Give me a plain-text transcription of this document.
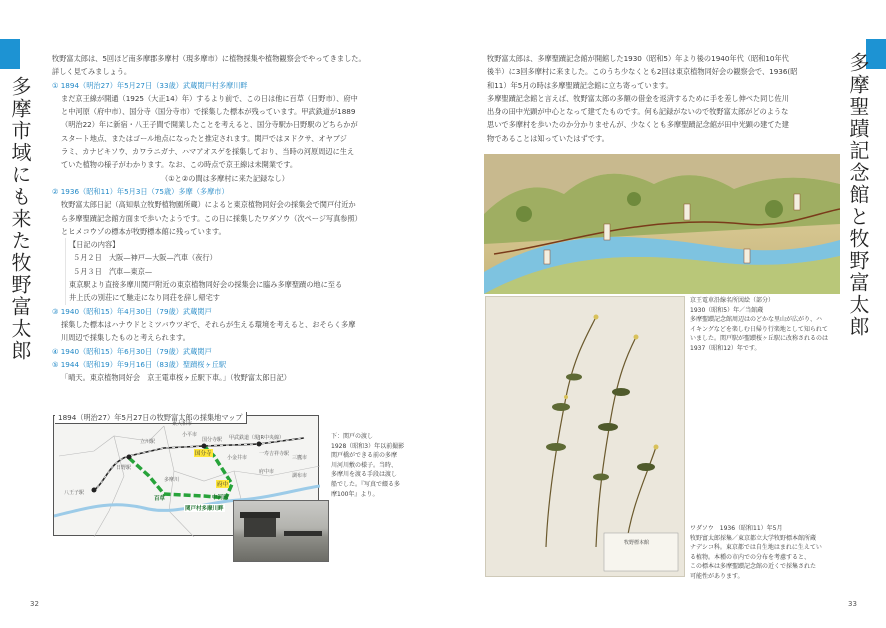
多摩市域にも来た牧野富太郎
牧野富太郎は、5回ほど南多摩郡多摩村（現多摩市）に植物採集や植物観察会でやってきました。
詳しく見てみましょう。
① 1894（明治27）年5月27日（33歳）武蔵関戸村多摩川畔
まだ京王線が開通（1925（大正14）年）するより前で、この日は他に百草（日野市）、府中
と中河原（府中市）、国分寺（国分寺市）で採集した標本が残っています。甲武鉄道が1889
（明治22）年に新宿・八王子間で開業したことを考えると、国分寺駅か日野駅のどちらかが
スタート地点、またはゴール地点になったと推定されます。関戸ではヌドクサ、オヤブジ
ラミ、カナビキソウ、カワラニガナ、ハマアオスゲを採集しており、当時の河原周辺に生え
ていた植物の様子がわかります。なお、この時点で京王線は未開業です。
（①と②の間は多摩村に来た記録なし）
② 1936（昭和11）年5月3日（75歳）多摩（多摩市）
牧野富太郎日記（高知県立牧野植物園所蔵）によると東京植物同好会の採集会で関戸付近か
ら多摩聖蹟記念館方面まで歩いたようです。この日に採集したワダソウ（次ページ写真参照）
とヒメコウゾの標本が牧野標本館に残っています。
【日記の内容】
５月２日　大阪—神戸—大阪—汽車（夜行）
５月３日　汽車—東京—
東京駅より直接多摩川関戸附近の東京植物同好会の採集会に臨み多摩聖蹟の地に至る
井上氏の別荘にて馳走になり同荘を辞し帰宅す
③ 1940（昭和15）年4月30日（79歳）武蔵関戸
採集した標本はハナウドとミツバウツギで、それらが生える環境を考えると、おそらく多摩
川周辺で採集したものと考えられます。
④ 1940（昭和15）年6月30日（79歳）武蔵関戸
⑤ 1944（昭和19）年9月16日（83歳）聖蹟桜ヶ丘駅
「晴天。東京植物同好会　京王電車桜ヶ丘駅下車。」（牧野富太郎日記）
1894（明治27）年5月27日の牧野富太郎の採集地マップ
立川駅	国分寺駅 甲武鉄道（現JR中央線）
一寿吉祥寺駅
日野駅
八王子駅
小金井市
小平市
府中市
調布市
多摩川
東大和市
三鷹市
国分寺
府中
百草	中河原
関戸村多摩川畔
下：関戸の渡し
1928（昭和3）年以前撮影
関戸橋ができる前の多摩
川河川敷の様子。当時、
多摩川を渡る手段は渡し
船でした。『写真で綴る多
摩100年』より。
32
多摩聖蹟記念館と牧野富太郎
牧野富太郎は、多摩聖蹟記念館が開館した1930（昭和5）年より後の1940年代（昭和10年代
後半）に3回多摩村に来ました。このうち少なくとも2回は東京植物同好会の観察会で、1936(昭
和11）年5月の時は多摩聖蹟記念館に立ち寄っています。
多摩聖蹟記念館と言えば、牧野富太郎の多額の借金を返済するために手を差し伸べた同じ佐川
出身の田中光顕が中心となって建てたものです。何も記録がないので牧野富太郎がどのような
思いで多摩村を歩いたのか分かりませんが、少なくとも多摩聖蹟記念館が田中光顕の建てた建
物であることは知っていたはずです。
牧野標本館
京王電車沿線名所図絵（部分）
1930（昭和5）年／当館蔵
多摩聖蹟記念館周辺はのどかな里山が広がり、ハ
イキングなどを楽しむ日帰り行楽地として知られて
いました。関戸駅が聖蹟桜ヶ丘駅に改称されるのは
1937（昭和12）年です。
ワダソウ　1936（昭和11）年5月
牧野富太郎採集／東京都立大学牧野標本館所蔵
ナデシコ科。東京都では自生地はまれに生えてい
る植物。本種の市内での分布を考慮すると、
この標本は多摩聖蹟記念館の近くで採集された
可能性があります。
33
